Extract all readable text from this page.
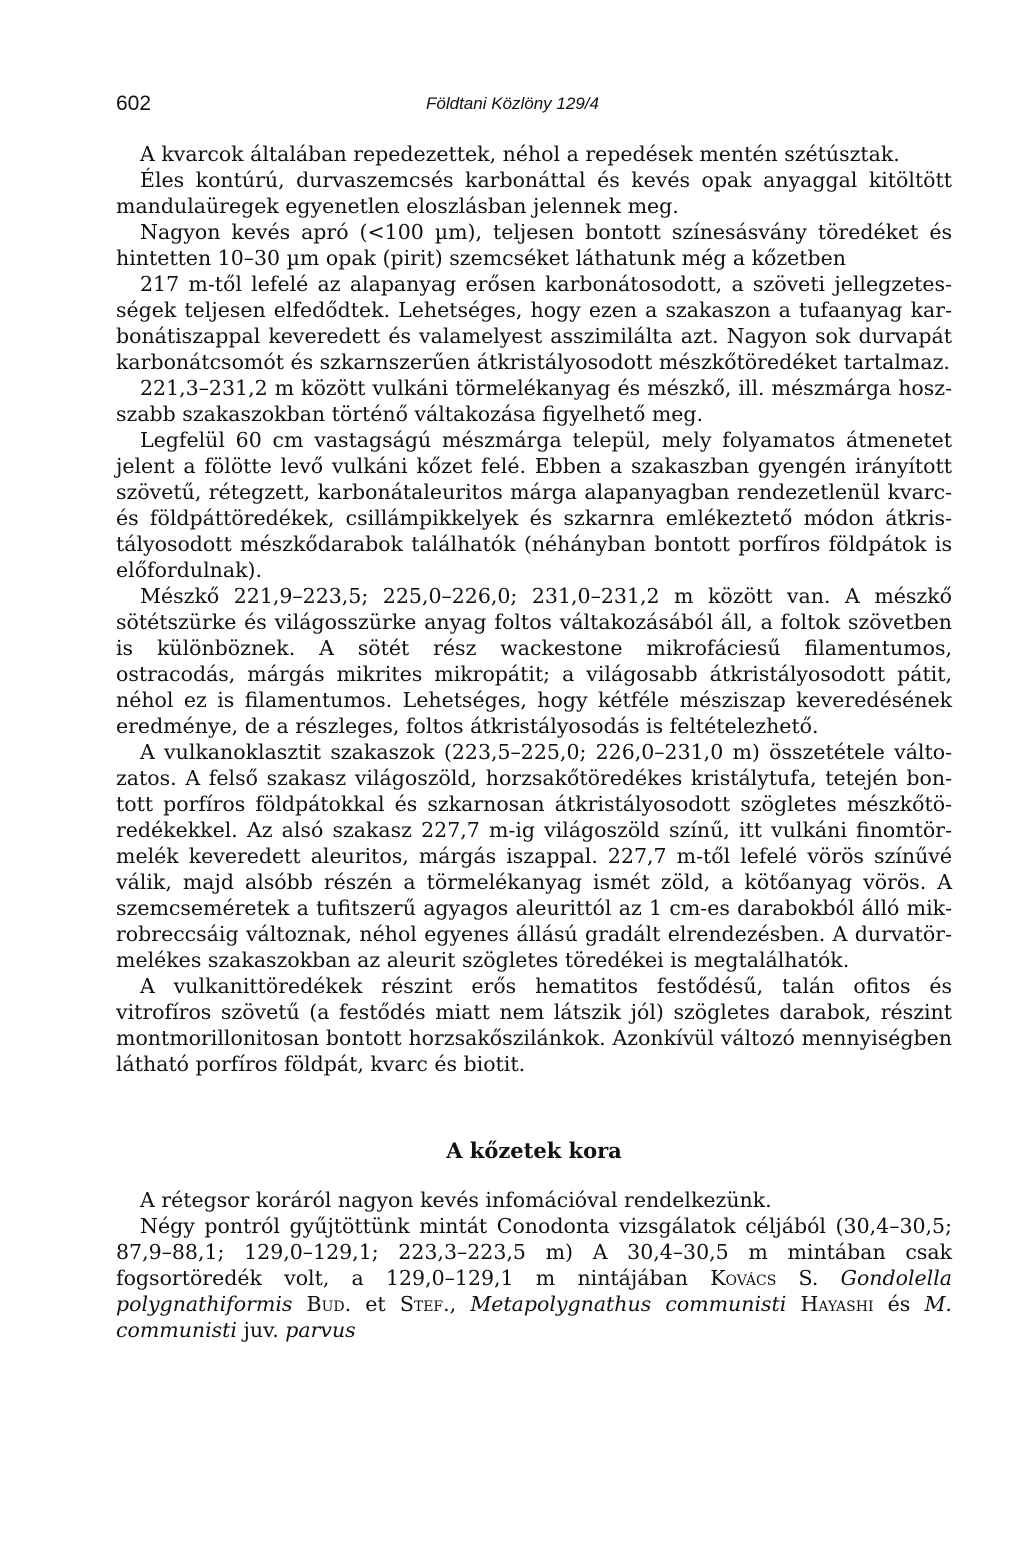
602	Földtani Közlöny 129/4

A kvarcok általában repedezettek, néhol a repedések mentén szétúsztak.

Éles kontúrú, durvaszemcsés karbonáttal és kevés opak anyaggal kitöltött mandulaüregek egyenetlen eloszlásban jelennek meg.

Nagyon kevés apró (<100 µm), teljesen bontott színesásvány töredéket és hintetten 10–30 µm opak (pirit) szemcséket láthatunk még a kőzetben

217 m-től lefelé az alapanyag erősen karbonátosodott, a szöveti jellegzetességek teljesen elfedődtek. Lehetséges, hogy ezen a szakaszon a tufaanyag karbonátiszappal keveredett és valamelyest asszimilálta azt. Nagyon sok durvapát karbonátcsomót és szkarnszerűen átkristályosodott mészkőtöredéket tartalmaz.

221,3–231,2 m között vulkáni törmelékanyag és mészkő, ill. mészmárga hoszszabb szakaszokban történő váltakozása figyelhető meg.

Legfelül 60 cm vastagságú mészmárga települ, mely folyamatos átmenetet jelent a fölötte levő vulkáni kőzet felé. Ebben a szakaszban gyengén irányított szövetű, rétegzett, karbonátaleuritos márga alapanyagban rendezetlenül kvarc- és földpáttöredékek, csillámpikkelyek és szkarnra emlékeztető módon átkristályosodott mészkődarabok találhatók (néhányban bontott porfíros földpátok is előfordulnak).

Mészkő 221,9–223,5; 225,0–226,0; 231,0–231,2 m között van. A mészkő sötétszürke és világosszürke anyag foltos váltakozásából áll, a foltok szövetben is különböznek. A sötét rész wackestone mikrofáciesű filamentumos, ostracodás, márgás mikrites mikropátit; a világosabb átkristályosodott pátit, néhol ez is filamentumos. Lehetséges, hogy kétféle mésziszap keveredésének eredménye, de a részleges, foltos átkristályosodás is feltételezhető.

A vulkanoklasztit szakaszok (223,5–225,0; 226,0–231,0 m) összetétele változatos. A felső szakasz világoszöld, horzsakőtöredékes kristálytufa, tetején bontott porfíros földpátokkal és szkarnosan átkristályosodott szögletes mészkőtöredékekkel. Az alsó szakasz 227,7 m-ig világoszöld színű, itt vulkáni finomtörmelék keveredett aleuritos, márgás iszappal. 227,7 m-től lefelé vörös színűvé válik, majd alsóbb részén a törmelékanyag ismét zöld, a kötőanyag vörös. A szemcseméretek a tufitszerű agyagos aleurittól az 1 cm-es darabokból álló mikrobreccsáig változnak, néhol egyenes állású gradált elrendezésben. A durvatörmelékes szakaszokban az aleurit szögletes töredékei is megtalálhatók.

A vulkanittöredékek részint erős hematitos festődésű, talán ofitos és vitrofíros szövetű (a festődés miatt nem látszik jól) szögletes darabok, részint montmorillonitosan bontott horzsakőszilánkok. Azonkívül változó mennyiségben látható porfíros földpát, kvarc és biotit.

A kőzetek kora

A rétegsor koráról nagyon kevés infomációval rendelkezünk.

Négy pontról gyűjtöttünk mintát Conodonta vizsgálatok céljából (30,4–30,5; 87,9–88,1; 129,0–129,1; 223,3–223,5 m) A 30,4–30,5 m mintában csak fogsortöredék volt, a 129,0–129,1 m nintájában Kovács S. Gondolella polygnathiformis Bud. et Stef., Metapolygnathus communisti Hayashi és M. communisti juv. parvus
